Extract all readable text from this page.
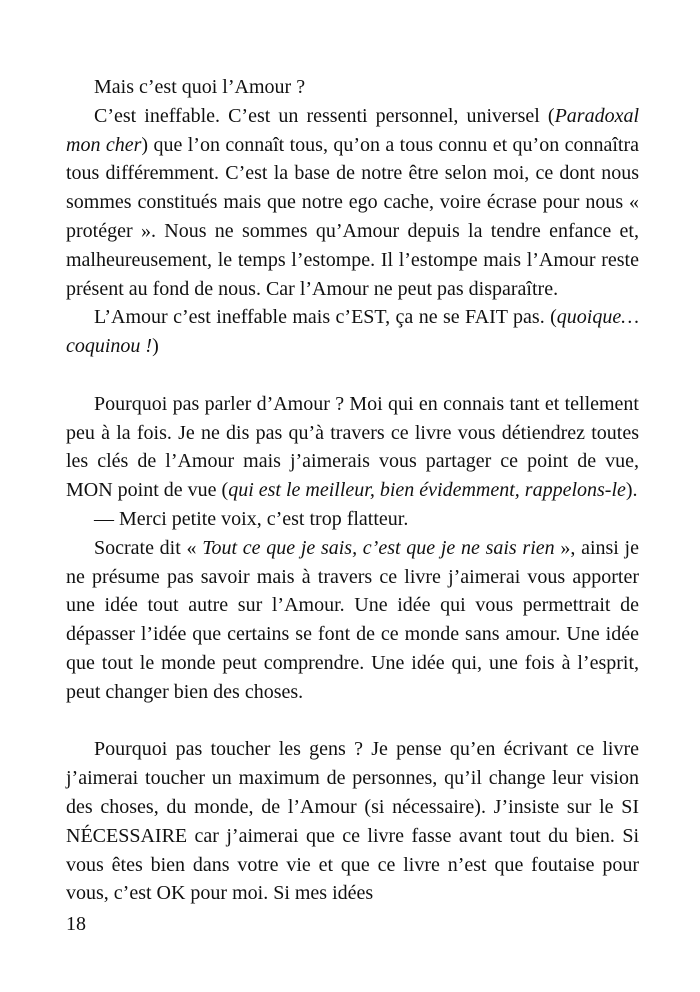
Mais c’est quoi l’Amour ?

C’est ineffable. C’est un ressenti personnel, universel (Paradoxal mon cher) que l’on connaît tous, qu’on a tous connu et qu’on connaîtra tous différemment. C’est la base de notre être selon moi, ce dont nous sommes constitués mais que notre ego cache, voire écrase pour nous « protéger ». Nous ne sommes qu’Amour depuis la tendre enfance et, malheureusement, le temps l’estompe. Il l’estompe mais l’Amour reste présent au fond de nous. Car l’Amour ne peut pas disparaître.

L’Amour c’est ineffable mais c’EST, ça ne se FAIT pas. (quoique… coquinou !)

Pourquoi pas parler d’Amour ? Moi qui en connais tant et tellement peu à la fois. Je ne dis pas qu’à travers ce livre vous détiendrez toutes les clés de l’Amour mais j’aimerais vous partager ce point de vue, MON point de vue (qui est le meilleur, bien évidemment, rappelons-le).

— Merci petite voix, c’est trop flatteur.

Socrate dit « Tout ce que je sais, c’est que je ne sais rien », ainsi je ne présume pas savoir mais à travers ce livre j’aimerai vous apporter une idée tout autre sur l’Amour. Une idée qui vous permettrait de dépasser l’idée que certains se font de ce monde sans amour. Une idée que tout le monde peut comprendre. Une idée qui, une fois à l’esprit, peut changer bien des choses.

Pourquoi pas toucher les gens ? Je pense qu’en écrivant ce livre j’aimerai toucher un maximum de personnes, qu’il change leur vision des choses, du monde, de l’Amour (si nécessaire). J’insiste sur le SI NÉCESSAIRE car j’aimerai que ce livre fasse avant tout du bien. Si vous êtes bien dans votre vie et que ce livre n’est que foutaise pour vous, c’est OK pour moi. Si mes idées

18
